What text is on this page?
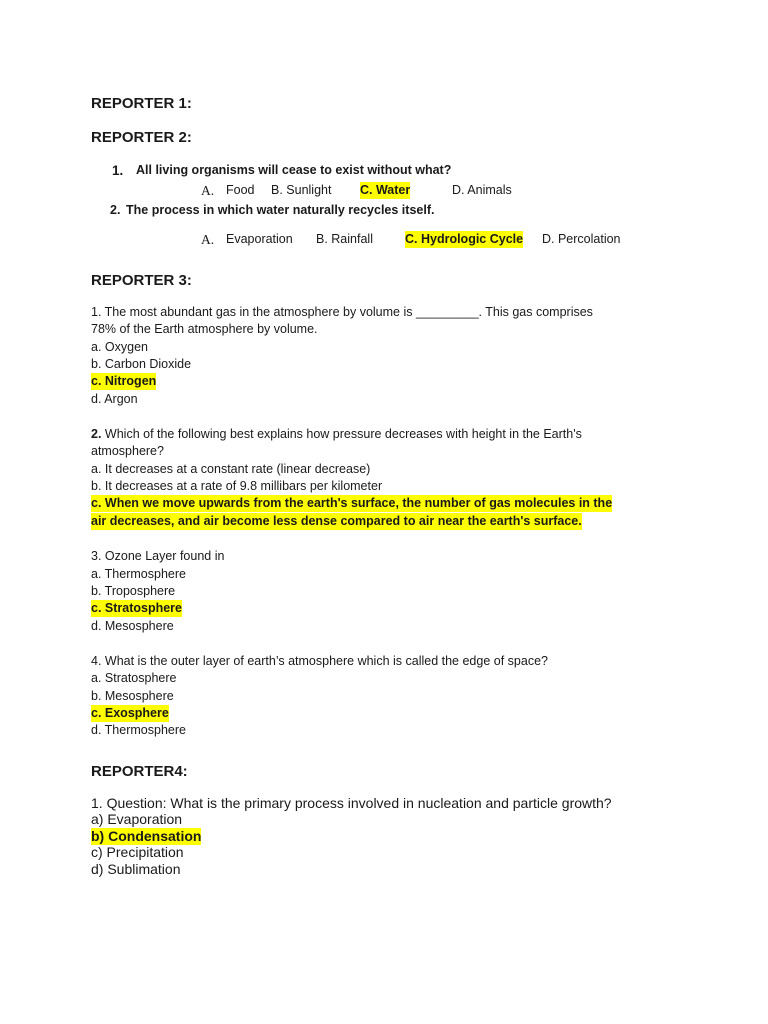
REPORTER 1:
REPORTER 2:
1. All living organisms will cease to exist without what?
A. Food B. Sunlight C. Water	D. Animals
2. The process in which water naturally recycles itself.
A. Evaporation B. Rainfall	C. Hydrologic Cycle D. Percolation
REPORTER 3:
1. The most abundant gas in the atmosphere by volume is _________. This gas comprises
78% of the Earth atmosphere by volume.
a. Oxygen
b. Carbon Dioxide
c. Nitrogen
d. Argon
2. Which of the following best explains how pressure decreases with height in the Earth's
atmosphere?
a. It decreases at a constant rate (linear decrease)
b. It decreases at a rate of 9.8 millibars per kilometer
c. When we move upwards from the earth's surface, the number of gas molecules in the
air decreases, and air become less dense compared to air near the earth's surface.
3. Ozone Layer found in
a. Thermosphere
b. Troposphere
c. Stratosphere
d. Mesosphere
4. What is the outer layer of earth’s atmosphere which is called the edge of space?
a. Stratosphere
b. Mesosphere
c. Exosphere
d. Thermosphere
REPORTER4:
1. Question: What is the primary process involved in nucleation and particle growth?
a) Evaporation
b) Condensation
c) Precipitation
d) Sublimation
